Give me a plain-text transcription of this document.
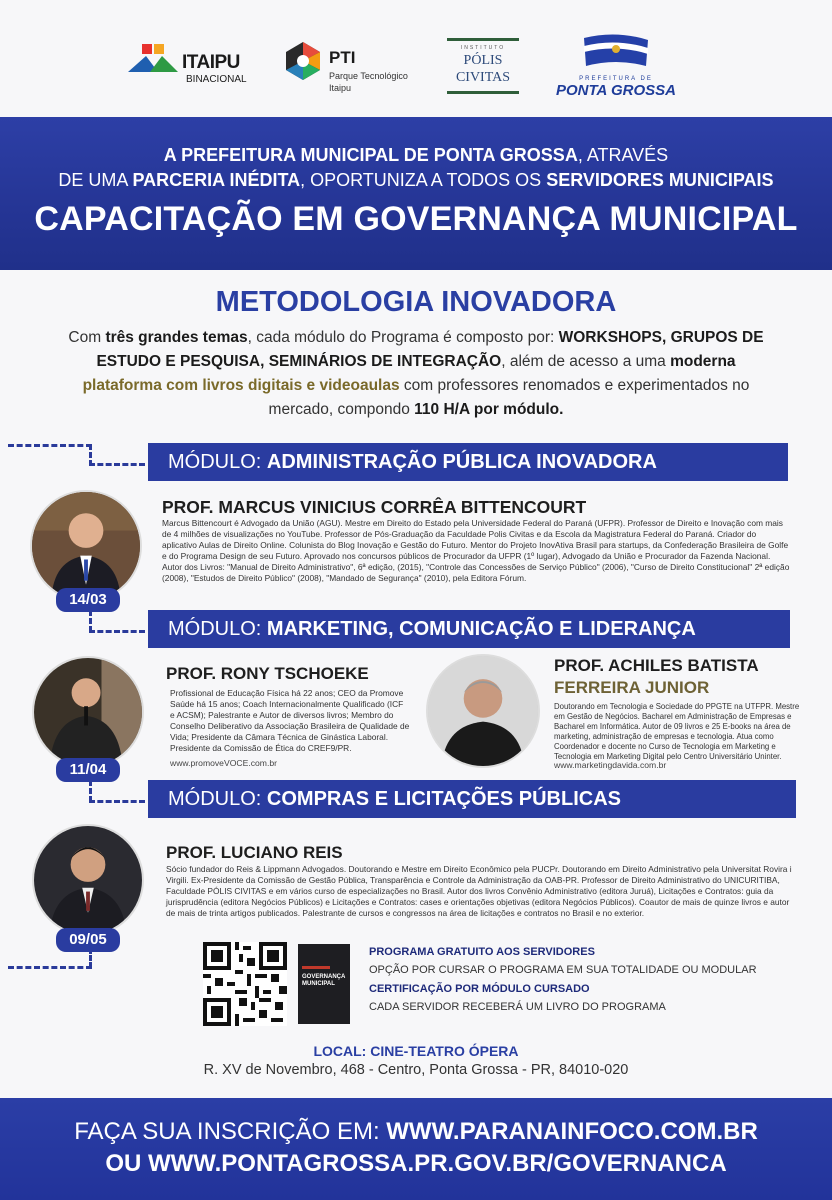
ITAIPU
BINACIONAL
PTI
Parque Tecnológico
Itaipu
INSTITUTO
PÓLIS
CIVITAS	PREFEITURA DE
PONTA GROSSA
A PREFEITURA MUNICIPAL DE PONTA GROSSA, ATRAVÉS
DE UMA PARCERIA INÉDITA, OPORTUNIZA A TODOS OS SERVIDORES MUNICIPAIS
CAPACITAÇÃO EM GOVERNANÇA MUNICIPAL
METODOLOGIA INOVADORA
Com três grandes temas, cada módulo do Programa é composto por: WORKSHOPS, GRUPOS DE ESTUDO E PESQUISA, SEMINÁRIOS DE INTEGRAÇÃO, além de acesso a uma moderna plataforma com livros digitais e videoaulas com professores renomados e experimentados no mercado, compondo 110 H/A por módulo.
MÓDULO: ADMINISTRAÇÃO PÚBLICA INOVADORA
14/03
PROF. MARCUS VINICIUS CORRÊA BITTENCOURT
Marcus Bittencourt é Advogado da União (AGU). Mestre em Direito do Estado pela Universidade Federal do Paraná (UFPR). Professor de Direito e Inovação com mais de 4 milhões de visualizações no YouTube. Professor de Pós-Graduação da Faculdade Polis Civitas e da Escola da Magistratura Federal do Paraná. Criador do aplicativo Aulas de Direito Online. Colunista do Blog Inovação e Gestão do Futuro. Mentor do Projeto InovAtiva Brasil para startups, da Confederação Brasileira de Golfe e do Programa Design de seu Futuro. Aprovado nos concursos públicos de Procurador da UFPR (1º lugar), Advogado da União e Procurador da Fazenda Nacional. Autor dos Livros: "Manual de Direito Administrativo", 6ª edição, (2015), "Controle das Concessões de Serviço Público" (2006), "Curso de Direito Constitucional" 2ª edição (2008), "Estudos de Direito Público" (2008), "Mandado de Segurança" (2010), pela Editora Fórum.
MÓDULO: MARKETING, COMUNICAÇÃO E LIDERANÇA
11/04
PROF. RONY TSCHOEKE
Profissional de Educação Física há 22 anos; CEO da Promove Saúde há 15 anos; Coach Internacionalmente Qualificado (ICF e ACSM); Palestrante e Autor de diversos livros; Membro do Conselho Deliberativo da Associação Brasileira de Qualidade de Vida; Presidente da Câmara Técnica de Ginástica Laboral. Presidente da Comissão de Ética do CREF9/PR.
www.promoveVOCE.com.br
PROF. ACHILES BATISTA
FERREIRA JUNIOR
Doutorando em Tecnologia e Sociedade do PPGTE na UTFPR. Mestre em Gestão de Negócios. Bacharel em Administração de Empresas e Bacharel em Informática. Autor de 09 livros e 25 E-books na área de marketing, administração de empresas e tecnologia. Atua como Coordenador e docente no Curso de Tecnologia em Marketing e Tecnologia em Marketing Digital pelo Centro Universitário Uninter.
www.marketingdavida.com.br
MÓDULO: COMPRAS E LICITAÇÕES PÚBLICAS
09/05
PROF. LUCIANO REIS
Sócio fundador do Reis & Lippmann Advogados. Doutorando e Mestre em Direito Econômico pela PUCPr. Doutorando em Direito Administrativo pela Universitat Rovira i Virgili. Ex-Presidente da Comissão de Gestão Pública, Transparência e Controle da Administração da OAB-PR. Professor de Direito Administrativo do UNICURITIBA, Faculdade PÓLIS CIVITAS e em vários curso de especializações no Brasil. Autor dos livros Convênio Administrativo (editora Juruá), Licitações e Contratos: guia da jurisprudência (editora Negócios Públicos) e Licitações e Contratos: cases e orientações objetivas (editora Negócios Públicos). Coautor de mais de quinze livros e autor de mais de trinta artigos publicados. Palestrante de cursos e congressos na área de licitações e contratos no Brasil e no exterior.
GOVERNANÇA
MUNICIPAL
PROGRAMA GRATUITO AOS SERVIDORES
OPÇÃO POR CURSAR O PROGRAMA EM SUA TOTALIDADE OU MODULAR
CERTIFICAÇÃO POR MÓDULO CURSADO
CADA SERVIDOR RECEBERÁ UM LIVRO DO PROGRAMA
LOCAL: CINE-TEATRO ÓPERA
R. XV de Novembro, 468 - Centro, Ponta Grossa - PR, 84010-020
FAÇA SUA INSCRIÇÃO EM: WWW.PARANAINFOCO.COM.BR
OU WWW.PONTAGROSSA.PR.GOV.BR/GOVERNANCA
